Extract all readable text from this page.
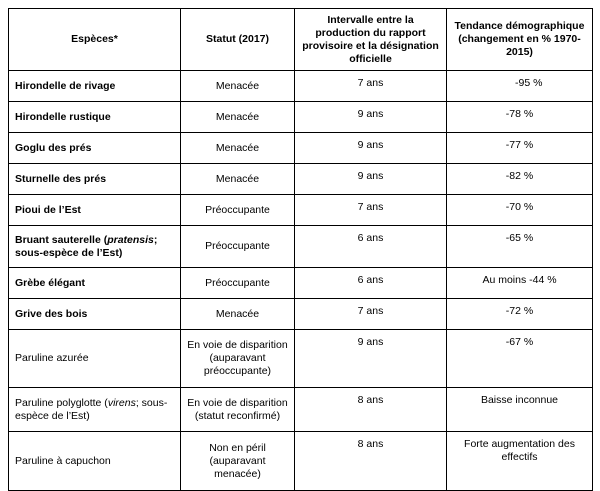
Espèces*	Statut (2017)	Intervalle entre la production du rapport provisoire et la désignation officielle	Tendance démographique (changement en % 1970-2015)
Hirondelle de rivage	Menacée	7 ans	-95 %
Hirondelle rustique	Menacée	9 ans	-78 %
Goglu des prés	Menacée	9 ans	-77 %
Sturnelle des prés	Menacée	9 ans	-82 %
Pioui de l’Est	Préoccupante	7 ans	-70 %
Bruant sauterelle (pratensis; sous-espèce de l’Est)	Préoccupante	6 ans	-65 %
Grèbe élégant	Préoccupante	6 ans	Au moins -44 %
Grive des bois	Menacée	7 ans	-72 %
Paruline azurée	En voie de disparition (auparavant préoccupante)	9 ans	-67 %
Paruline polyglotte (virens; sous-espèce de l’Est)	En voie de disparition (statut reconfirmé)	8 ans	Baisse inconnue
Paruline à capuchon	Non en péril (auparavant menacée)	8 ans	Forte augmentation des effectifs
